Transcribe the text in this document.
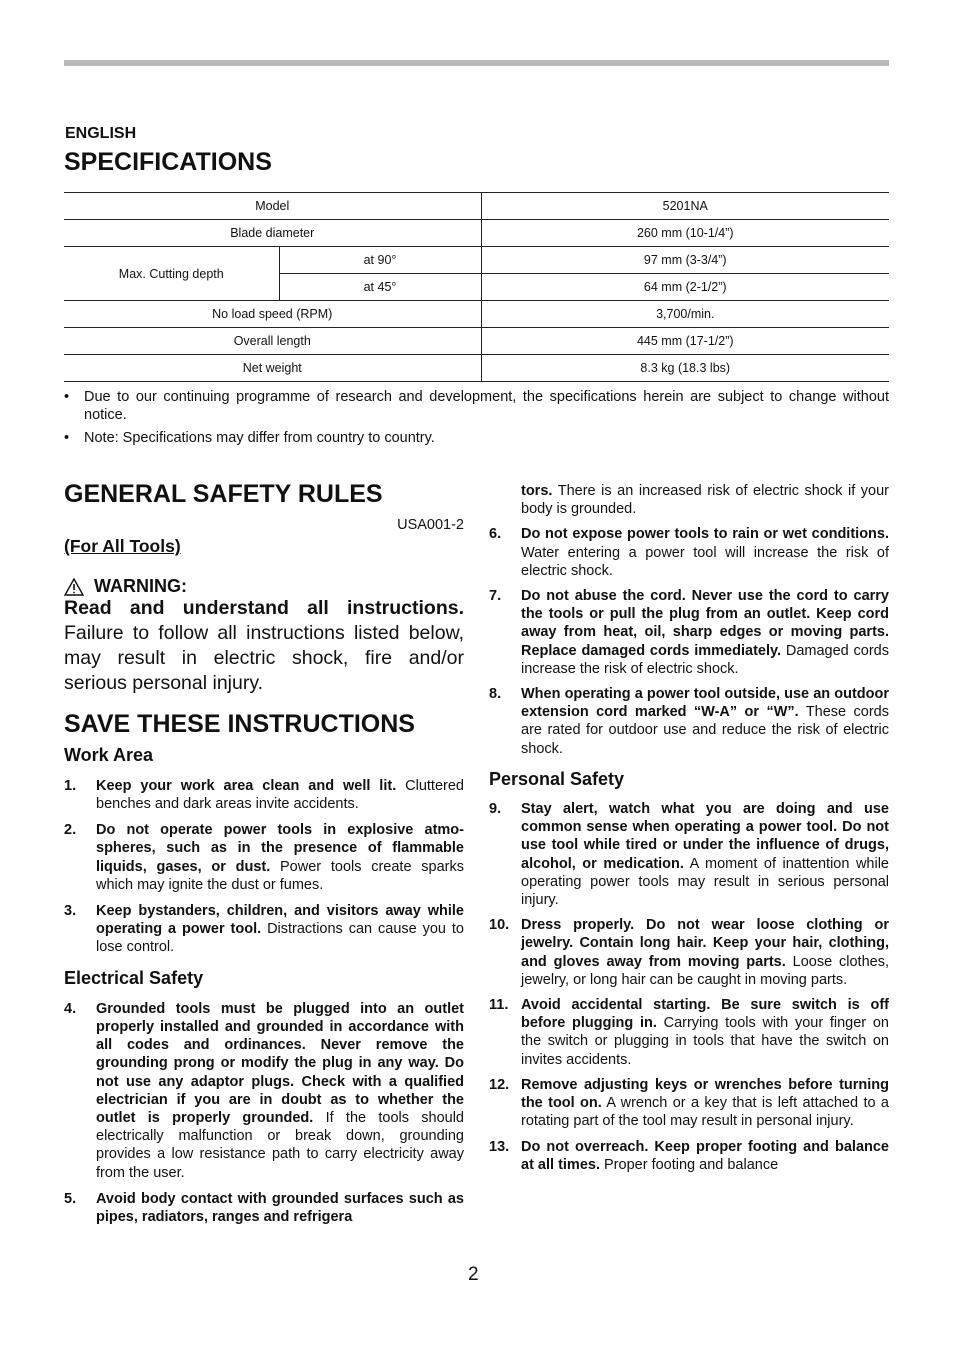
ENGLISH
SPECIFICATIONS
Model		5201NA
Blade diameter		260 mm (10-1/4”)
Max. Cutting depth	at 90°	97 mm (3-3/4”)
	at 45°	64 mm (2-1/2”)
No load speed (RPM)		3,700/min.
Overall length		445 mm (17-1/2”)
Net weight		8.3 kg (18.3 lbs)
• Due to our continuing programme of research and development, the specifications herein are subject to change without notice.
• Note: Specifications may differ from country to country.
GENERAL SAFETY RULES
USA001-2
(For All Tools)
WARNING:
Read and understand all instructions. Failure to follow all instructions listed below, may result in electric shock, fire and/or serious personal injury.
SAVE THESE INSTRUCTIONS
Work Area
1. Keep your work area clean and well lit. Cluttered benches and dark areas invite accidents.
2. Do not operate power tools in explosive atmospheres, such as in the presence of flammable liquids, gases, or dust. Power tools create sparks which may ignite the dust or fumes.
3. Keep bystanders, children, and visitors away while operating a power tool. Distractions can cause you to lose control.
Electrical Safety
4. Grounded tools must be plugged into an outlet properly installed and grounded in accordance with all codes and ordinances. Never remove the grounding prong or modify the plug in any way. Do not use any adaptor plugs. Check with a qualified electrician if you are in doubt as to whether the outlet is properly grounded. If the tools should electrically malfunction or break down, grounding provides a low resistance path to carry electricity away from the user.
5. Avoid body contact with grounded surfaces such as pipes, radiators, ranges and refrigera
tors. There is an increased risk of electric shock if your body is grounded.
6. Do not expose power tools to rain or wet conditions. Water entering a power tool will increase the risk of electric shock.
7. Do not abuse the cord. Never use the cord to carry the tools or pull the plug from an outlet. Keep cord away from heat, oil, sharp edges or moving parts. Replace damaged cords immediately. Damaged cords increase the risk of electric shock.
8. When operating a power tool outside, use an outdoor extension cord marked “W-A” or “W”. These cords are rated for outdoor use and reduce the risk of electric shock.
Personal Safety
9. Stay alert, watch what you are doing and use common sense when operating a power tool. Do not use tool while tired or under the influence of drugs, alcohol, or medication. A moment of inattention while operating power tools may result in serious personal injury.
10. Dress properly. Do not wear loose clothing or jewelry. Contain long hair. Keep your hair, clothing, and gloves away from moving parts. Loose clothes, jewelry, or long hair can be caught in moving parts.
11. Avoid accidental starting. Be sure switch is off before plugging in. Carrying tools with your finger on the switch or plugging in tools that have the switch on invites accidents.
12. Remove adjusting keys or wrenches before turning the tool on. A wrench or a key that is left attached to a rotating part of the tool may result in personal injury.
13. Do not overreach. Keep proper footing and balance at all times. Proper footing and balance
2
